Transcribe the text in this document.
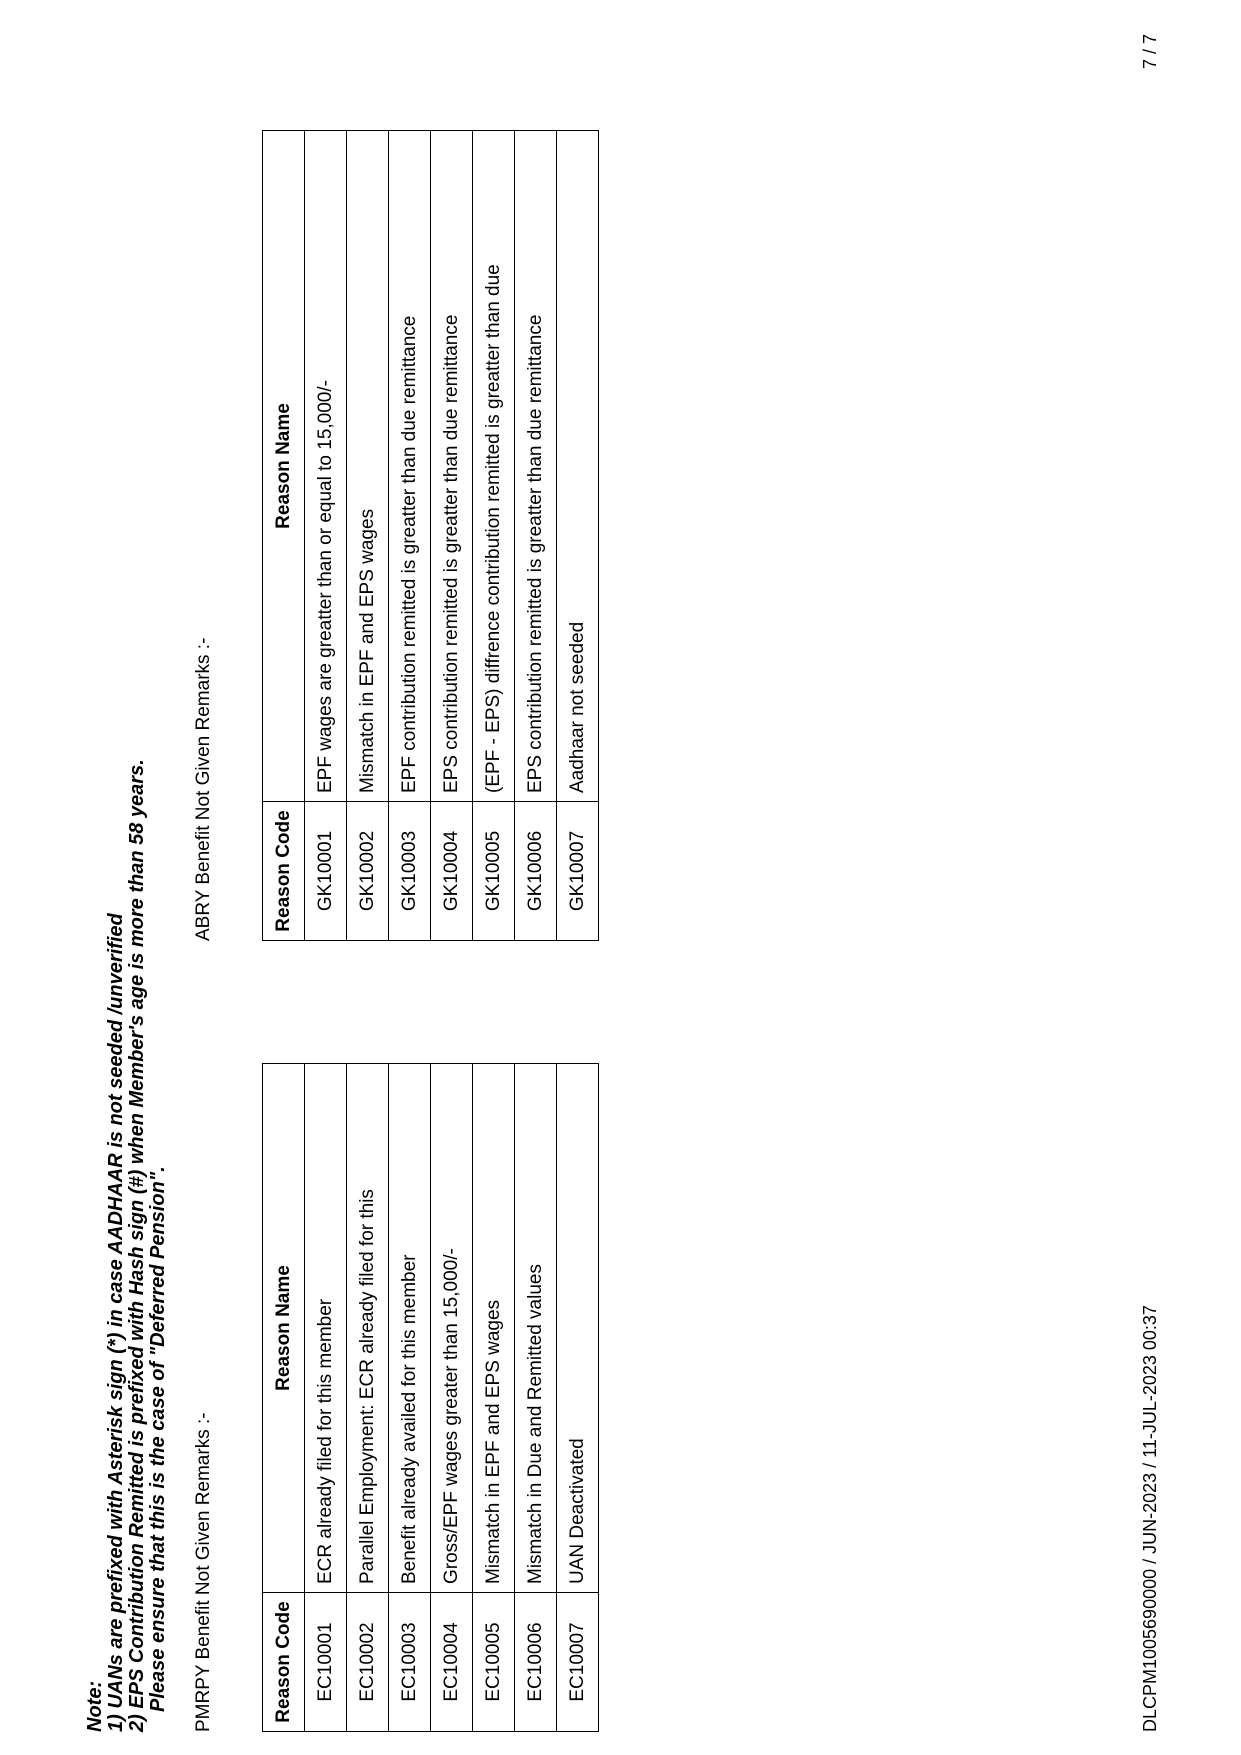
Note: 1) UANs are prefixed with Asterisk sign (*) in case AADHAAR is not seeded /unverified 2) EPS Contribution Remitted is prefixed with Hash sign (#) when Member's age is more than 58 years. Please ensure that this is the case of "Deferred Pension". PMRPY Benefit Not Given Remarks :-	Reason Code	Reason Name
EC10001	ECR already filed for this member
EC10002	Parallel Employment: ECR already filed for this
EC10003	Benefit already availed for this member
EC10004	Gross/EPF wages greater than 15,000/-
EC10005	Mismatch in EPF and EPS wages
EC10006	Mismatch in Due and Remitted values
EC10007	UAN Deactivated
ABRY Benefit Not Given Remarks :-	Reason Code	Reason Name
GK10001	EPF wages are greatter than or equal to 15,000/-
GK10002	Mismatch in EPF and EPS wages
GK10003	EPF contribution remitted is greatter than due remittance
GK10004	EPS contribution remitted is greatter than due remittance
GK10005	(EPF - EPS) diffrence contribution remitted is greatter than due
GK10006	EPS contribution remitted is greatter than due remittance
GK10007	Aadhaar not seeded
DLCPM1005690000 / JUN-2023 / 11-JUL-2023 00:37
7 / 7
